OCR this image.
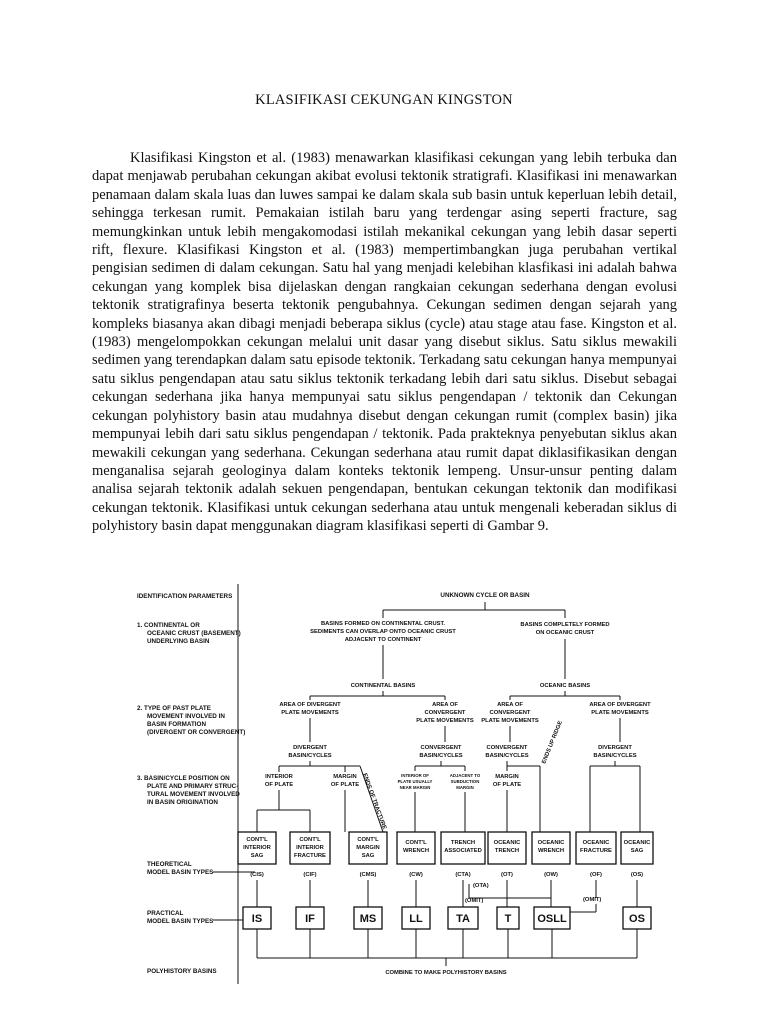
KLASIFIKASI CEKUNGAN KINGSTON

Klasifikasi Kingston et al. (1983) menawarkan klasifikasi cekungan yang lebih terbuka dan dapat menjawab perubahan cekungan akibat evolusi tektonik stratigrafi. Klasifikasi ini menawarkan penamaan dalam skala luas dan luwes sampai ke dalam skala sub basin untuk keperluan lebih detail, sehingga terkesan rumit. Pemakaian istilah baru yang terdengar asing seperti fracture, sag memungkinkan untuk lebih mengakomodasi istilah mekanikal cekungan yang lebih dasar seperti rift, flexure. Klasifikasi Kingston et al. (1983) mempertimbangkan juga perubahan vertikal pengisian sedimen di dalam cekungan. Satu hal yang menjadi kelebihan klasfikasi ini adalah bahwa cekungan yang komplek bisa dijelaskan dengan rangkaian cekungan sederhana dengan evolusi tektonik stratigrafinya beserta tektonik pengubahnya. Cekungan sedimen dengan sejarah yang kompleks biasanya akan dibagi menjadi beberapa siklus (cycle) atau stage atau fase. Kingston et al. (1983) mengelompokkan cekungan melalui unit dasar yang disebut siklus. Satu siklus mewakili sedimen yang terendapkan dalam satu episode tektonik. Terkadang satu cekungan hanya mempunyai satu siklus pengendapan atau satu siklus tektonik terkadang lebih dari satu siklus. Disebut sebagai cekungan sederhana jika hanya mempunyai satu siklus pengendapan / tektonik dan Cekungan cekungan polyhistory basin atau mudahnya disebut dengan cekungan rumit (complex basin) jika mempunyai lebih dari satu siklus pengendapan / tektonik. Pada prakteknya penyebutan siklus akan mewakili cekungan yang sederhana. Cekungan sederhana atau rumit dapat diklasifikasikan dengan menganalisa sejarah geologinya dalam konteks tektonik lempeng. Unsur-unsur penting dalam analisa sejarah tektonik adalah sekuen pengendapan, bentukan cekungan tektonik dan modifikasi cekungan tektonik. Klasifikasi untuk cekungan sederhana atau untuk mengenali keberadan siklus di polyhistory basin dapat menggunakan diagram klasifikasi seperti di Gambar 9.

IDENTIFICATION PARAMETERS
1. CONTINENTAL OR
OCEANIC CRUST (BASEMENT)
UNDERLYING BASIN
2. TYPE OF PAST PLATE
MOVEMENT INVOLVED IN
BASIN FORMATION
(DIVERGENT OR CONVERGENT)
3. BASIN/CYCLE POSITION ON
PLATE AND PRIMARY STRUC-
TURAL MOVEMENT INVOLVED
IN BASIN ORIGINATION
THEORETICAL
MODEL BASIN TYPES
PRACTICAL
MODEL BASIN TYPES
POLYHISTORY BASINS
UNKNOWN CYCLE OR BASIN
BASINS FORMED ON CONTINENTAL CRUST.
SEDIMENTS CAN OVERLAP ONTO OCEANIC CRUST
ADJACENT TO CONTINENT
BASINS COMPLETELY FORMED
ON OCEANIC CRUST
CONTINENTAL BASINS	OCEANIC BASINS
AREA OF DIVERGENT
PLATE MOVEMENTS
AREA OF
CONVERGENT
PLATE MOVEMENTS
AREA OF
CONVERGENT
PLATE MOVEMENTS
AREA OF DIVERGENT
PLATE MOVEMENTS
DIVERGENT
BASIN/CYCLES
CONVERGENT
BASIN/CYCLES
CONVERGENT
BASIN/CYCLES
DIVERGENT
BASIN/CYCLES
INTERIOR
OF PLATE
MARGIN
OF PLATE ENDS OF TRACTURE	INTERIOR OF
PLATE USUALLY
NEAR MARGIN
ADJACENT TO
SUBDUCTION
MARGIN
MARGIN
OF PLATE
ENDS UP RIDGE
CONT'L
INTERIOR
SAG
CONT'L
INTERIOR
FRACTURE
CONT'L
MARGIN
SAG
CONT'L
WRENCH
TRENCH
ASSOCIATED
OCEANIC
TRENCH
OCEANIC
WRENCH
OCEANIC
FRACTURE
OCEANIC
SAG
(CIS)	(CIF)	(CMS)	(CW)	(CTA)	(OT)	(OW)	(OF)	(OS)
(OTA)
(OMIT)	(OMIT)
IS	IF	MS	LL	TA	T OSLL	OS
COMBINE TO MAKE POLYHISTORY BASINS
